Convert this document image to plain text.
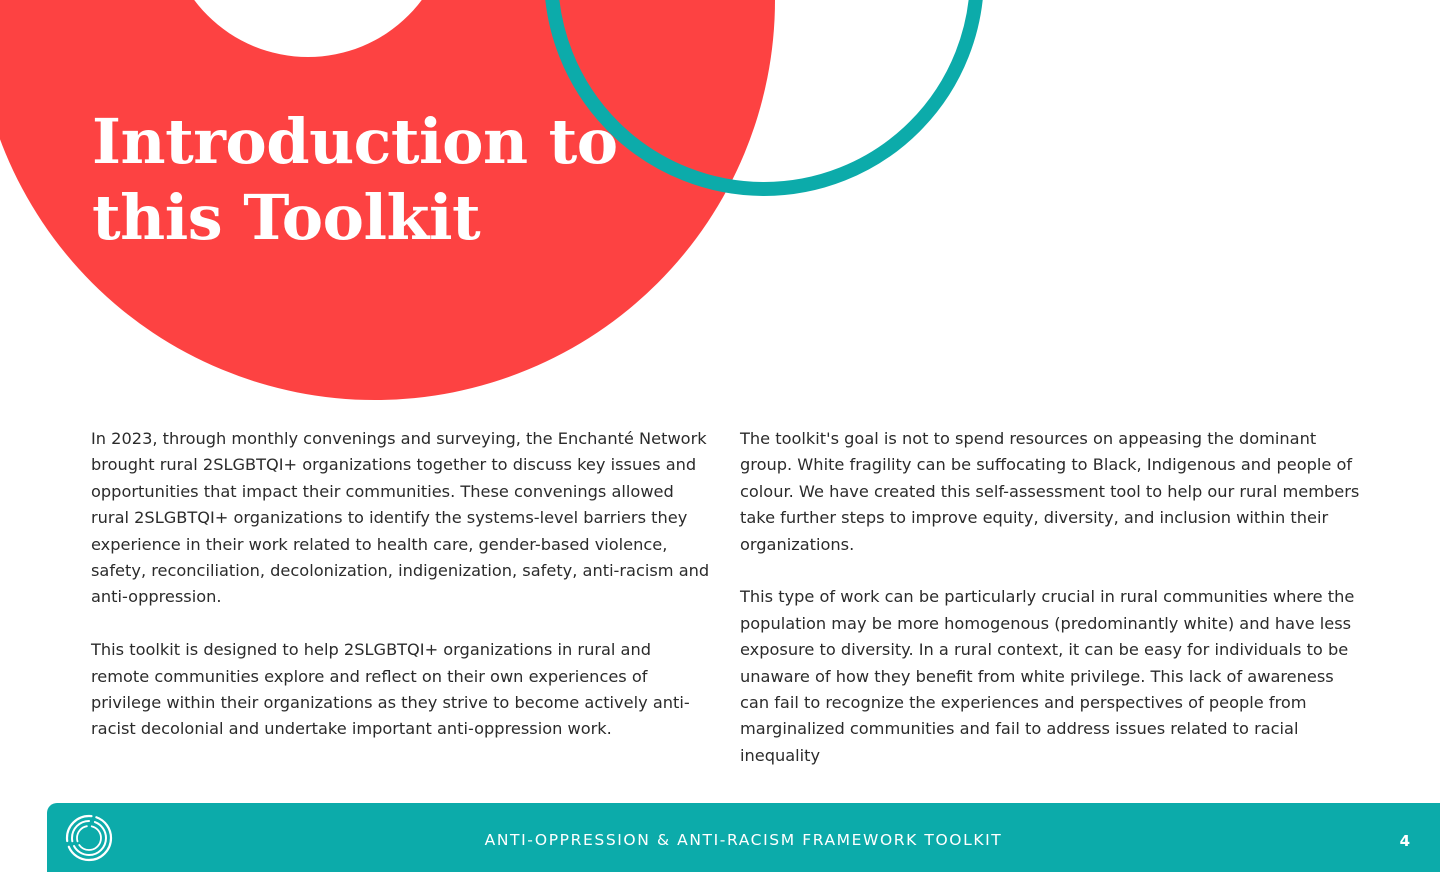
Introduction to
this Toolkit

In 2023, through monthly convenings and surveying, the Enchanté Network brought rural 2SLGBTQI+ organizations together to discuss key issues and opportunities that impact their communities. These convenings allowed rural 2SLGBTQI+ organizations to identify the systems-level barriers they experience in their work related to health care, gender-based violence, safety, reconciliation, decolonization, indigenization, safety, anti-racism and anti-oppression.

This toolkit is designed to help 2SLGBTQI+ organizations in rural and remote communities explore and reflect on their own experiences of privilege within their organizations as they strive to become actively anti-racist decolonial and undertake important anti-oppression work.

The toolkit's goal is not to spend resources on appeasing the dominant group. White fragility can be suffocating to Black, Indigenous and people of colour. We have created this self-assessment tool to help our rural members take further steps to improve equity, diversity, and inclusion within their organizations.

This type of work can be particularly crucial in rural communities where the population may be more homogenous (predominantly white) and have less exposure to diversity. In a rural context, it can be easy for individuals to be unaware of how they benefit from white privilege. This lack of awareness can fail to recognize the experiences and perspectives of people from marginalized communities and fail to address issues related to racial inequality

ANTI-OPPRESSION & ANTI-RACISM FRAMEWORK TOOLKIT	4
